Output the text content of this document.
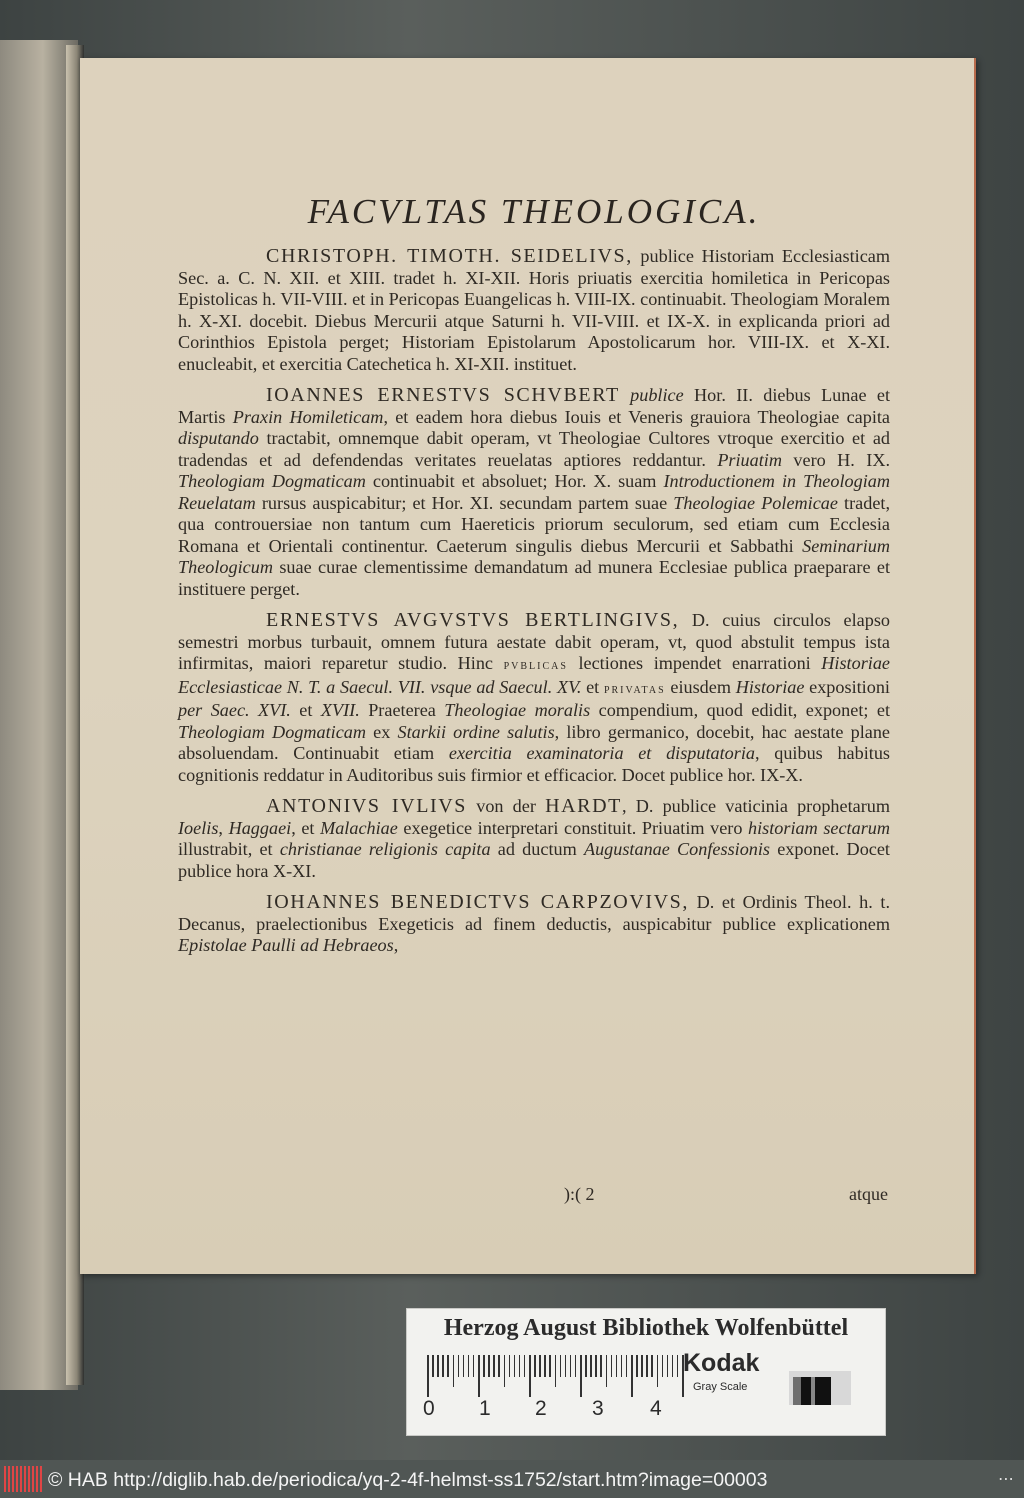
FACVLTAS THEOLOGICA.

CHRISTOPH. TIMOTH. SEIDELIVS, publice Historiam Ecclesiasticam Sec. a. C. N. XII. et XIII. tradet h. XI-XII. Horis priuatis exercitia homiletica in Pericopas Epistolicas h. VII-VIII. et in Pericopas Euangelicas h. VIII-IX. continuabit. Theologiam Moralem h. X-XI. docebit. Diebus Mercurii atque Saturni h. VII-VIII. et IX-X. in explicanda priori ad Corinthios Epistola perget; Historiam Epistolarum Apostolicarum hor. VIII-IX. et X-XI. enucleabit, et exercitia Catechetica h. XI-XII. instituet.

IOANNES ERNESTVS SCHVBERT publice Hor. II. diebus Lunae et Martis Praxin Homileticam, et eadem hora diebus Iouis et Veneris grauiora Theologiae capita disputando tractabit, omnemque dabit operam, vt Theologiae Cultores vtroque exercitio et ad tradendas et ad defendendas veritates reuelatas aptiores reddantur. Priuatim vero H. IX. Theologiam Dogmaticam continuabit et absoluet; Hor. X. suam Introductionem in Theologiam Reuelatam rursus auspicabitur; et Hor. XI. secundam partem suae Theologiae Polemicae tradet, qua controuersiae non tantum cum Haereticis priorum seculorum, sed etiam cum Ecclesia Romana et Orientali continentur. Caeterum singulis diebus Mercurii et Sabbathi Seminarium Theologicum suae curae clementissime demandatum ad munera Ecclesiae publica praeparare et instituere perget.

ERNESTVS AVGVSTVS BERTLINGIVS, D. cuius circulos elapso semestri morbus turbauit, omnem futura aestate dabit operam, vt, quod abstulit tempus ista infirmitas, maiori reparetur studio. Hinc pvblicas lectiones impendet enarrationi Historiae Ecclesiasticae N. T. a Saecul. VII. vsque ad Saecul. XV. et privatas eiusdem Historiae expositioni per Saec. XVI. et XVII. Praeterea Theologiae moralis compendium, quod edidit, exponet; et Theologiam Dogmaticam ex Starkii ordine salutis, libro germanico, docebit, hac aestate plane absoluendam. Continuabit etiam exercitia examinatoria et disputatoria, quibus habitus cognitionis reddatur in Auditoribus suis firmior et efficacior. Docet publice hor. IX-X.

ANTONIVS IVLIVS von der HARDT, D. publice vaticinia prophetarum Ioelis, Haggaei, et Malachiae exegetice interpretari constituit. Priuatim vero historiam sectarum illustrabit, et christianae religionis capita ad ductum Augustanae Confessionis exponet. Docet publice hora X-XI.

IOHANNES BENEDICTVS CARPZOVIVS, D. et Ordinis Theol. h. t. Decanus, praelectionibus Exegeticis ad finem deductis, auspicabitur publice explicationem Epistolae Paulli ad Hebraeos,

):( 2	atque
Herzog August Bibliothek Wolfenbüttel
0 1 2 3 4
Kodak
Gray Scale
© HAB http://diglib.hab.de/periodica/yq-2-4f-helmst-ss1752/start.htm?image=00003	⋯
